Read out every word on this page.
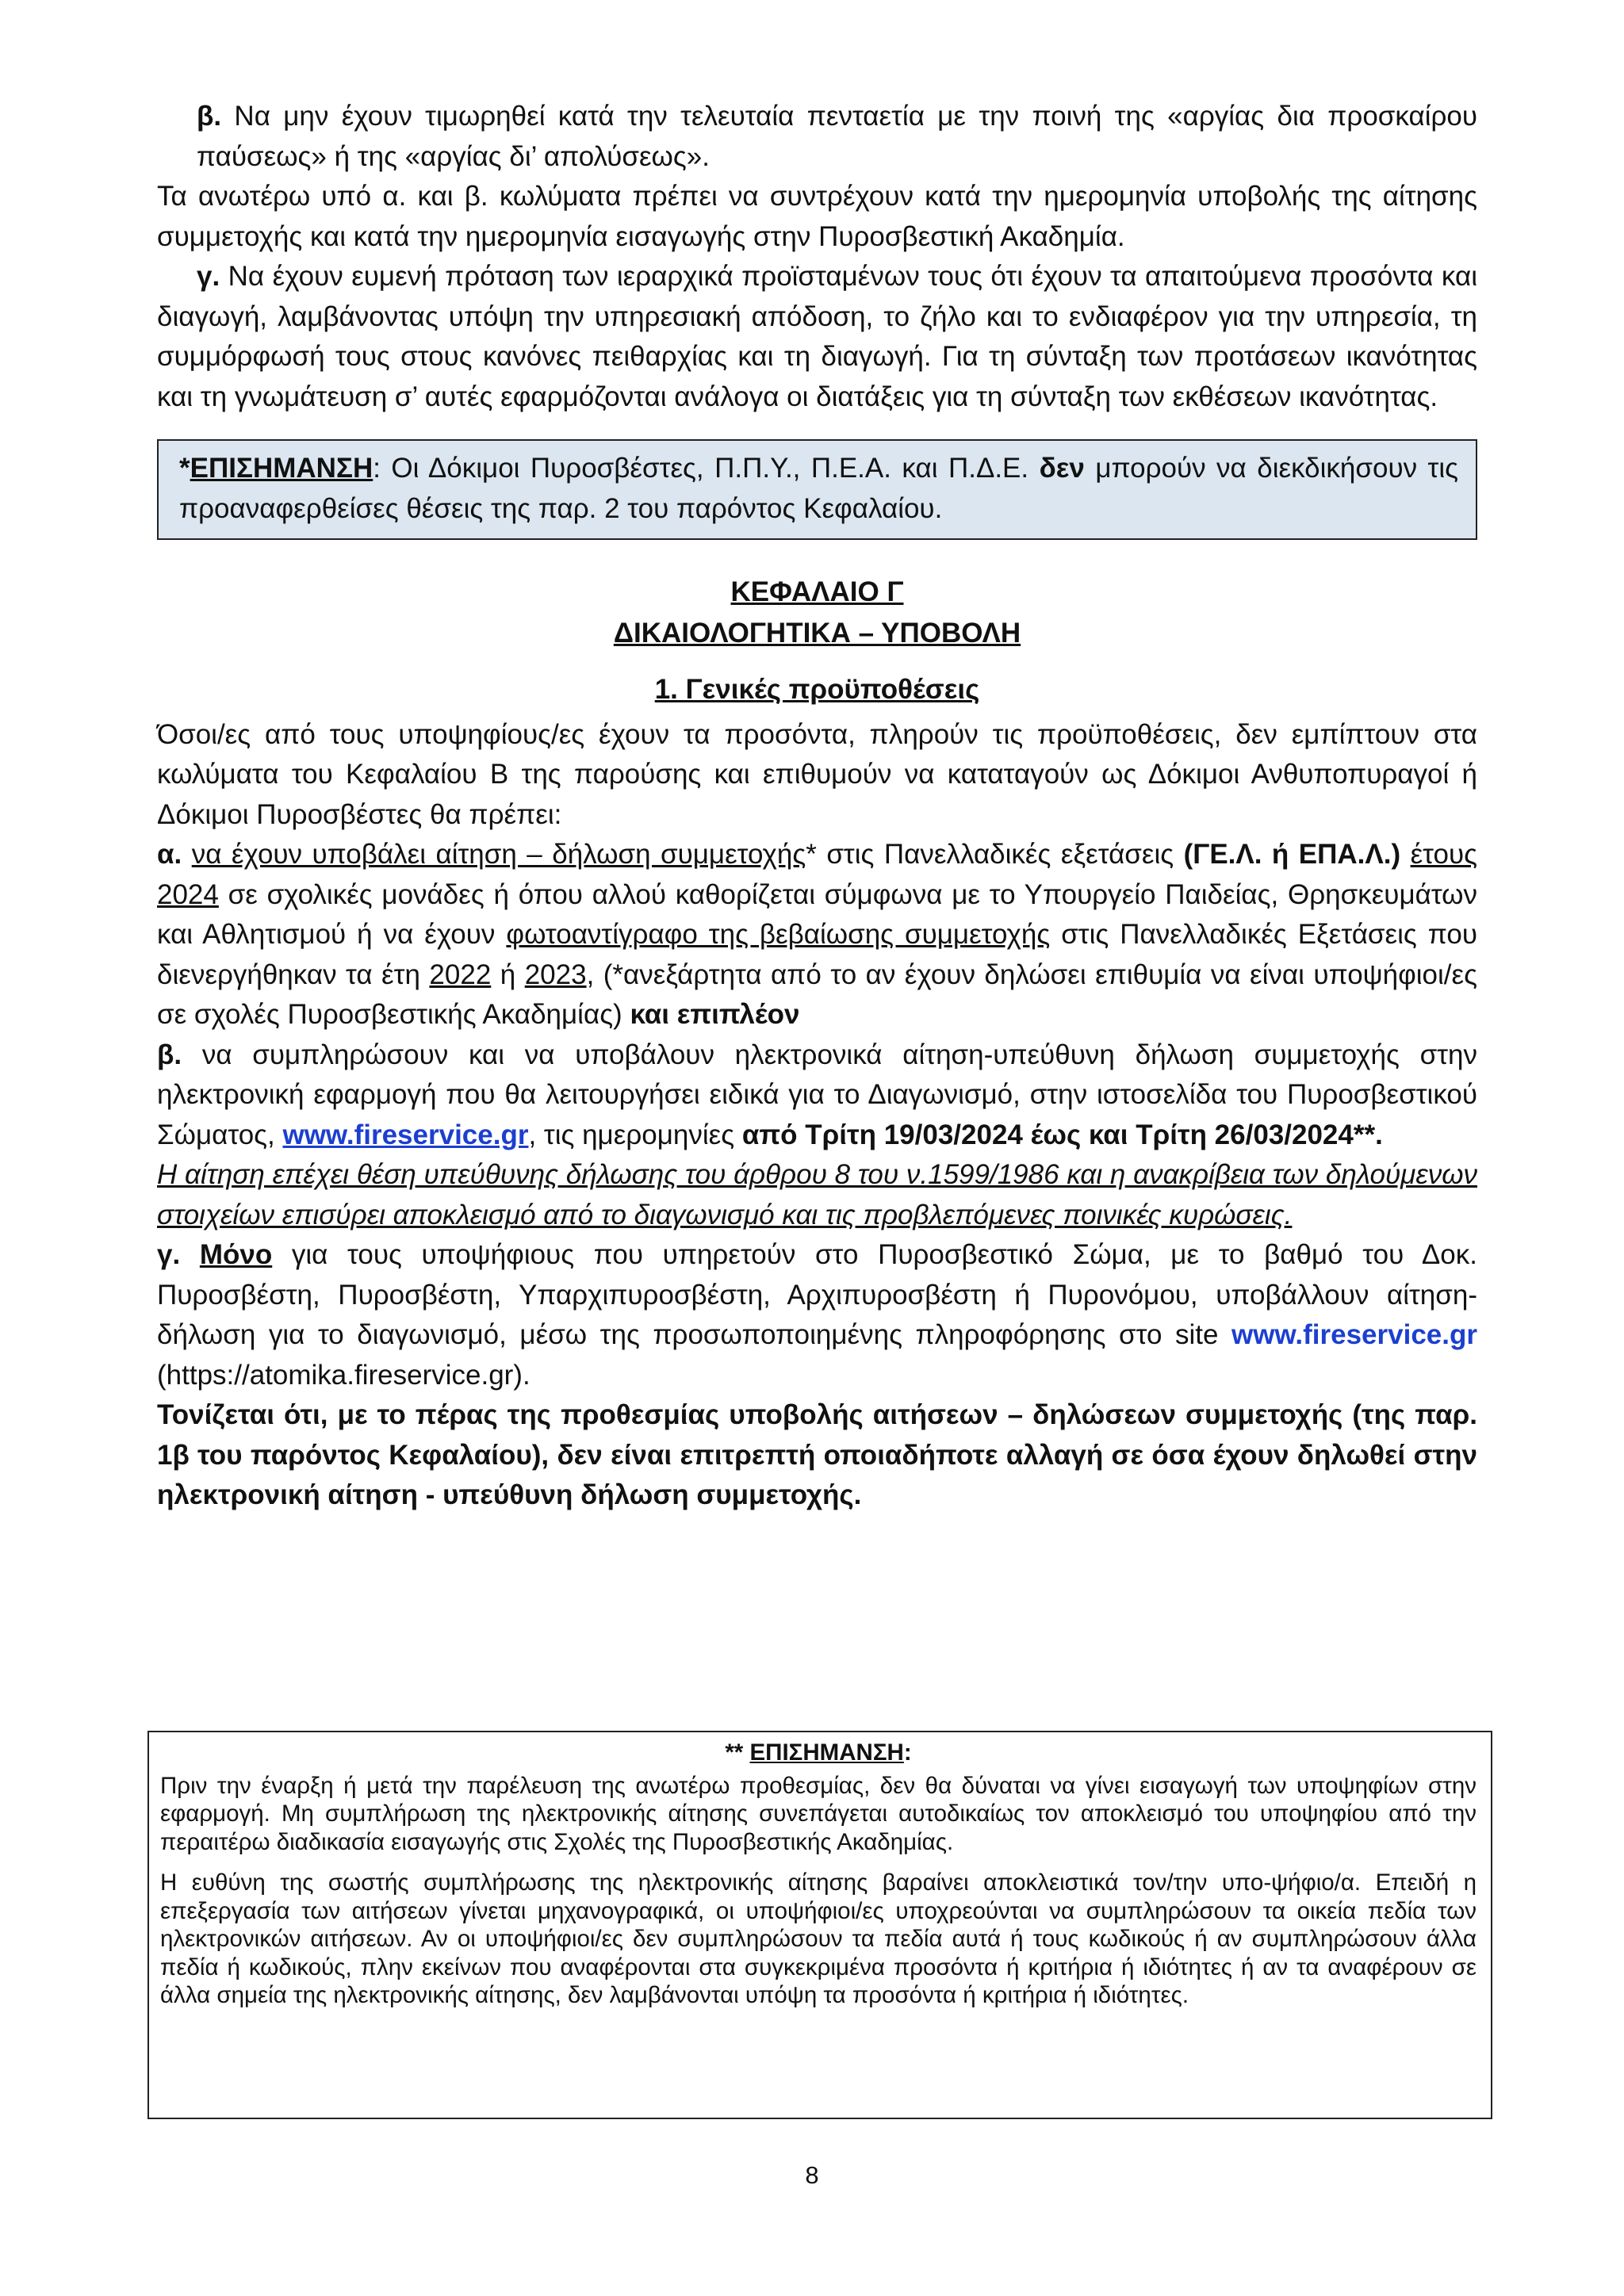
β. Να μην έχουν τιμωρηθεί κατά την τελευταία πενταετία με την ποινή της «αργίας δια προσκαίρου παύσεως» ή της «αργίας δι’ απολύσεως».

Τα ανωτέρω υπό α. και β. κωλύματα πρέπει να συντρέχουν κατά την ημερομηνία υποβολής της αίτησης συμμετοχής και κατά την ημερομηνία εισαγωγής στην Πυροσβεστική Ακαδημία.

γ. Να έχουν ευμενή πρόταση των ιεραρχικά προϊσταμένων τους ότι έχουν τα απαιτούμενα προσόντα και διαγωγή, λαμβάνοντας υπόψη την υπηρεσιακή απόδοση, το ζήλο και το ενδιαφέρον για την υπηρεσία, τη συμμόρφωσή τους στους κανόνες πειθαρχίας και τη διαγωγή. Για τη σύνταξη των προτάσεων ικανότητας και τη γνωμάτευση σ’ αυτές εφαρμόζονται ανάλογα οι διατάξεις για τη σύνταξη των εκθέσεων ικανότητας.

*ΕΠΙΣΗΜΑΝΣΗ: Οι Δόκιμοι Πυροσβέστες, Π.Π.Υ., Π.Ε.Α. και Π.Δ.Ε. δεν μπορούν να διεκδικήσουν τις προαναφερθείσες θέσεις της παρ. 2 του παρόντος Κεφαλαίου.

ΚΕΦΑΛΑΙΟ Γ
ΔΙΚΑΙΟΛΟΓΗΤΙΚΑ – ΥΠΟΒΟΛΗ
1. Γενικές προϋποθέσεις

Όσοι/ες από τους υποψηφίους/ες έχουν τα προσόντα, πληρούν τις προϋποθέσεις, δεν εμπίπτουν στα κωλύματα του Κεφαλαίου Β της παρούσης και επιθυμούν να καταταγούν ως Δόκιμοι Ανθυποπυραγοί ή Δόκιμοι Πυροσβέστες θα πρέπει:

α. να έχουν υποβάλει αίτηση – δήλωση συμμετοχής* στις Πανελλαδικές εξετάσεις (ΓΕ.Λ. ή ΕΠΑ.Λ.) έτους 2024 σε σχολικές μονάδες ή όπου αλλού καθορίζεται σύμφωνα με το Υπουργείο Παιδείας, Θρησκευμάτων και Αθλητισμού ή να έχουν φωτοαντίγραφο της βεβαίωσης συμμετοχής στις Πανελλαδικές Εξετάσεις που διενεργήθηκαν τα έτη 2022 ή 2023, (*ανεξάρτητα από το αν έχουν δηλώσει επιθυμία να είναι υποψήφιοι/ες σε σχολές Πυροσβεστικής Ακαδημίας) και επιπλέον

β. να συμπληρώσουν και να υποβάλουν ηλεκτρονικά αίτηση-υπεύθυνη δήλωση συμμετοχής στην ηλεκτρονική εφαρμογή που θα λειτουργήσει ειδικά για το Διαγωνισμό, στην ιστοσελίδα του Πυροσβεστικού Σώματος, www.fireservice.gr, τις ημερομηνίες από Τρίτη 19/03/2024 έως και Τρίτη 26/03/2024**.

Η αίτηση επέχει θέση υπεύθυνης δήλωσης του άρθρου 8 του ν.1599/1986 και η ανακρίβεια των δηλούμενων στοιχείων επισύρει αποκλεισμό από το διαγωνισμό και τις προβλεπόμενες ποινικές κυρώσεις.

γ. Μόνο για τους υποψήφιους που υπηρετούν στο Πυροσβεστικό Σώμα, με το βαθμό του Δοκ. Πυροσβέστη, Πυροσβέστη, Υπαρχιπυροσβέστη, Αρχιπυροσβέστη ή Πυρονόμου, υποβάλλουν αίτηση-δήλωση για το διαγωνισμό, μέσω της προσωποποιημένης πληροφόρησης στο site www.fireservice.gr (https://atomika.fireservice.gr).

Τονίζεται ότι, με το πέρας της προθεσμίας υποβολής αιτήσεων – δηλώσεων συμμετοχής (της παρ. 1β του παρόντος Κεφαλαίου), δεν είναι επιτρεπτή οποιαδήποτε αλλαγή σε όσα έχουν δηλωθεί στην ηλεκτρονική αίτηση - υπεύθυνη δήλωση συμμετοχής.

** ΕΠΙΣΗΜΑΝΣΗ:

Πριν την έναρξη ή μετά την παρέλευση της ανωτέρω προθεσμίας, δεν θα δύναται να γίνει εισαγωγή των υποψηφίων στην εφαρμογή. Μη συμπλήρωση της ηλεκτρονικής αίτησης συνεπάγεται αυτοδικαίως τον αποκλεισμό του υποψηφίου από την περαιτέρω διαδικασία εισαγωγής στις Σχολές της Πυροσβεστικής Ακαδημίας.

Η ευθύνη της σωστής συμπλήρωσης της ηλεκτρονικής αίτησης βαραίνει αποκλειστικά τον/την υπο-ψήφιο/α. Επειδή η επεξεργασία των αιτήσεων γίνεται μηχανογραφικά, οι υποψήφιοι/ες υποχρεούνται να συμπληρώσουν τα οικεία πεδία των ηλεκτρονικών αιτήσεων. Αν οι υποψήφιοι/ες δεν συμπληρώσουν τα πεδία αυτά ή τους κωδικούς ή αν συμπληρώσουν άλλα πεδία ή κωδικούς, πλην εκείνων που αναφέρονται στα συγκεκριμένα προσόντα ή κριτήρια ή ιδιότητες ή αν τα αναφέρουν σε άλλα σημεία της ηλεκτρονικής αίτησης, δεν λαμβάνονται υπόψη τα προσόντα ή κριτήρια ή ιδιότητες.

8
